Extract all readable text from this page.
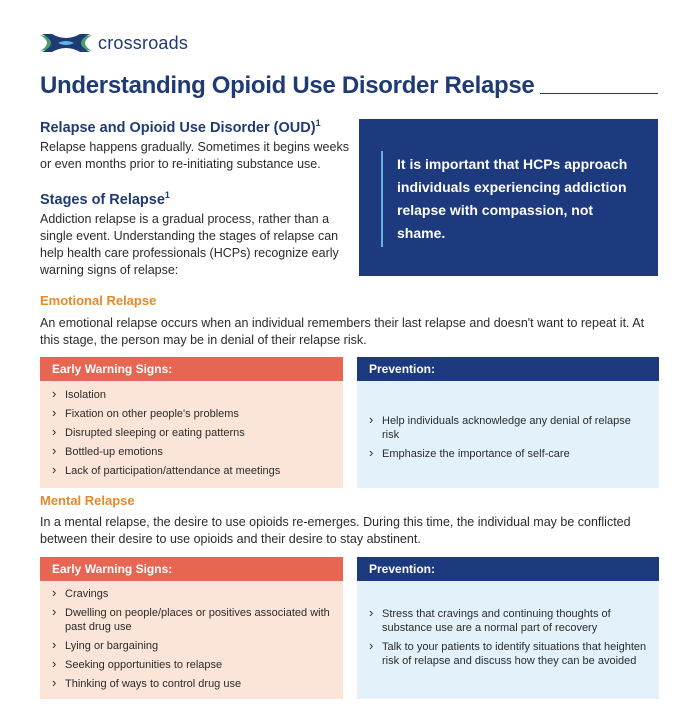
crossroads
Understanding Opioid Use Disorder Relapse
Relapse and Opioid Use Disorder (OUD)$^1$
Relapse happens gradually. Sometimes it begins weeks or even months prior to re-initiating substance use.
Stages of Relapse$^1$
Addiction relapse is a gradual process, rather than a single event. Understanding the stages of relapse can help health care professionals (HCPs) recognize early warning signs of relapse:
It is important that HCPs approach individuals experiencing addiction relapse with compassion, not shame.
Emotional Relapse
An emotional relapse occurs when an individual remembers their last relapse and doesn't want to repeat it. At this stage, the person may be in denial of their relapse risk.
Early Warning Signs:
› Isolation
› Fixation on other people's problems
› Disrupted sleeping or eating patterns
› Bottled-up emotions
› Lack of participation/attendance at meetings
Prevention:
› Help individuals acknowledge any denial of relapse risk
› Emphasize the importance of self-care
Mental Relapse
In a mental relapse, the desire to use opioids re-emerges. During this time, the individual may be conflicted between their desire to use opioids and their desire to stay abstinent.
Early Warning Signs:
› Cravings
› Dwelling on people/places or positives associated with past drug use
› Lying or bargaining
› Seeking opportunities to relapse
› Thinking of ways to control drug use
Prevention:
› Stress that cravings and continuing thoughts of substance use are a normal part of recovery
› Talk to your patients to identify situations that heighten risk of relapse and discuss how they can be avoided
